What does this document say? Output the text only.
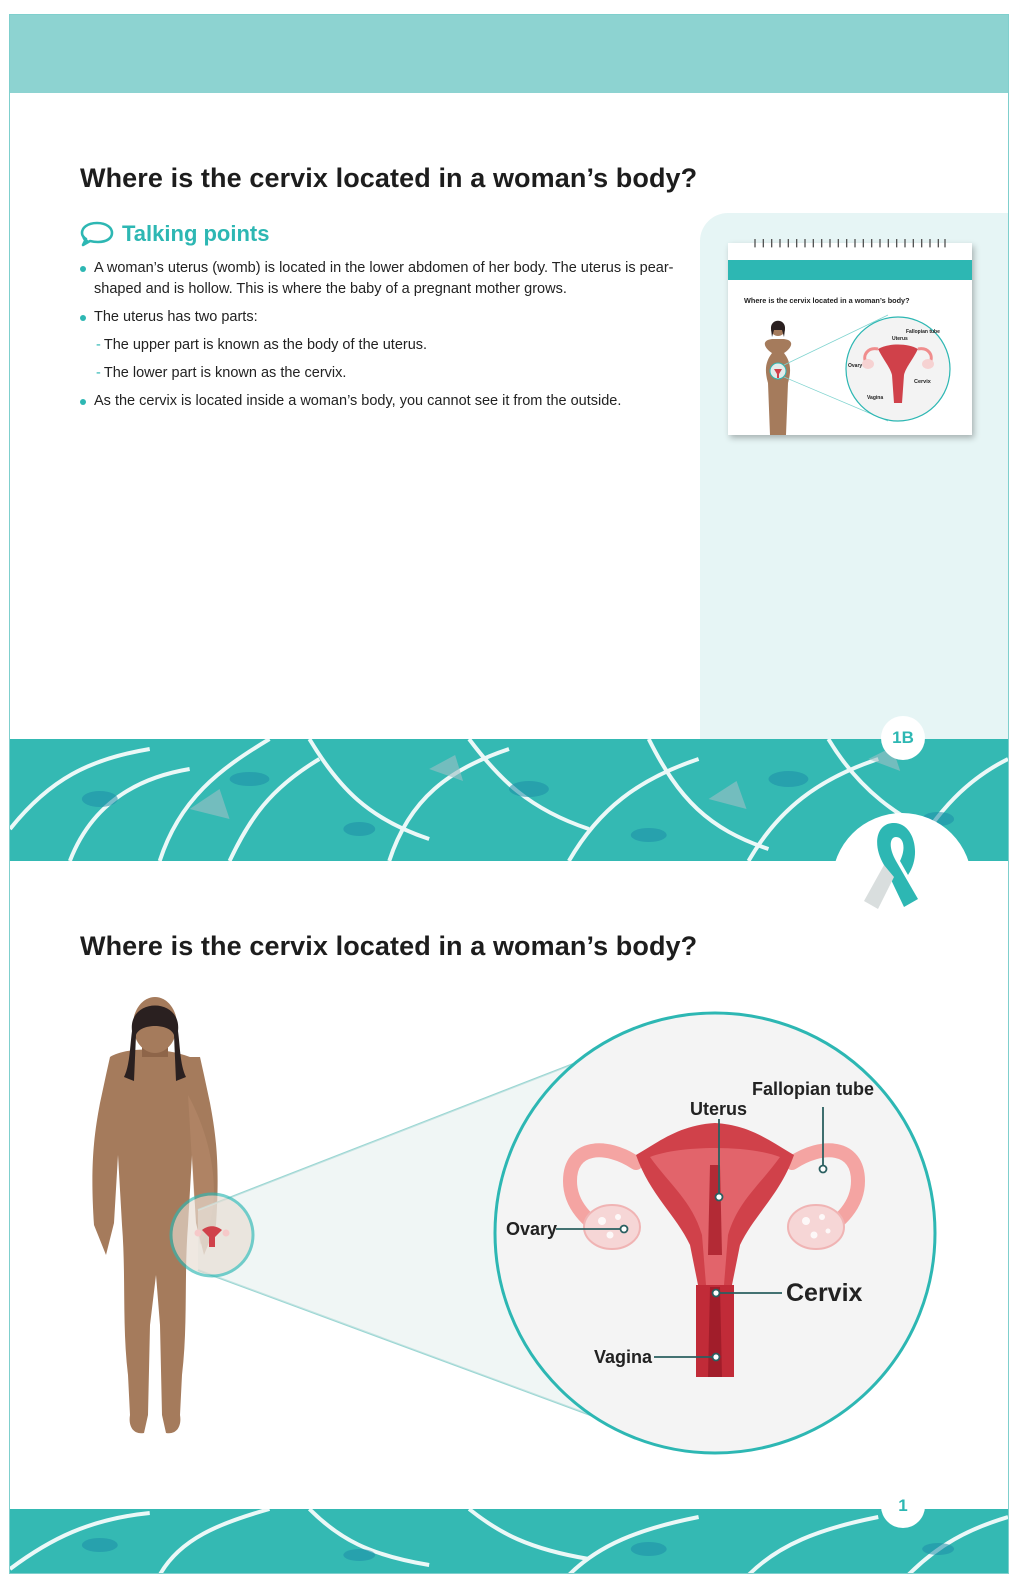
Where is the cervix located in a woman’s body?
Talking points
A woman’s uterus (womb) is located in the lower abdomen of her body. The uterus is pear-shaped and is hollow. This is where the baby of a pregnant mother grows.
The uterus has two parts:
- The upper part is known as the body of the uterus.
- The lower part is known as the cervix.
As the cervix is located inside a woman’s body, you cannot see it from the outside.
Where is the cervix located in a woman’s body?
Fallopian tube
Uterus
Ovary
Cervix
Vagina
1B
Where is the cervix located in a woman’s body?
Fallopian tube
Uterus
Ovary
Cervix
Vagina
1
